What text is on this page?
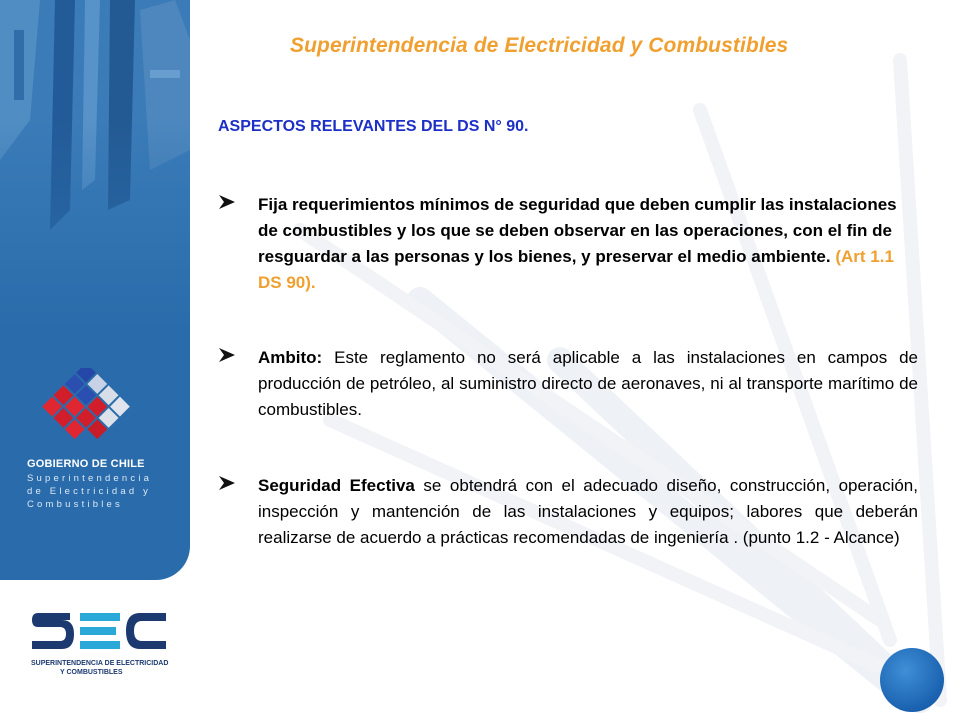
GOBIERNO DE CHILE
Superintendencia
de Electricidad y
Combustibles
Superintendencia de Electricidad y Combustibles
ASPECTOS RELEVANTES DEL DS N° 90.
Fija requerimientos mínimos de seguridad que deben cumplir las instalaciones de combustibles y los que se deben observar en las operaciones, con el fin de resguardar a las personas y los bienes, y preservar el medio ambiente. (Art 1.1 DS 90).
Ambito: Este reglamento no será aplicable a las instalaciones en campos de producción de petróleo, al suministro directo de aeronaves, ni al transporte marítimo de combustibles.
Seguridad Efectiva se obtendrá con el adecuado diseño, construcción, operación, inspección y mantención de las instalaciones y equipos; labores que deberán realizarse de acuerdo a prácticas recomendadas de ingeniería . (punto 1.2 - Alcance)
SUPERINTENDENCIA DE ELECTRICIDAD
Y COMBUSTIBLES
